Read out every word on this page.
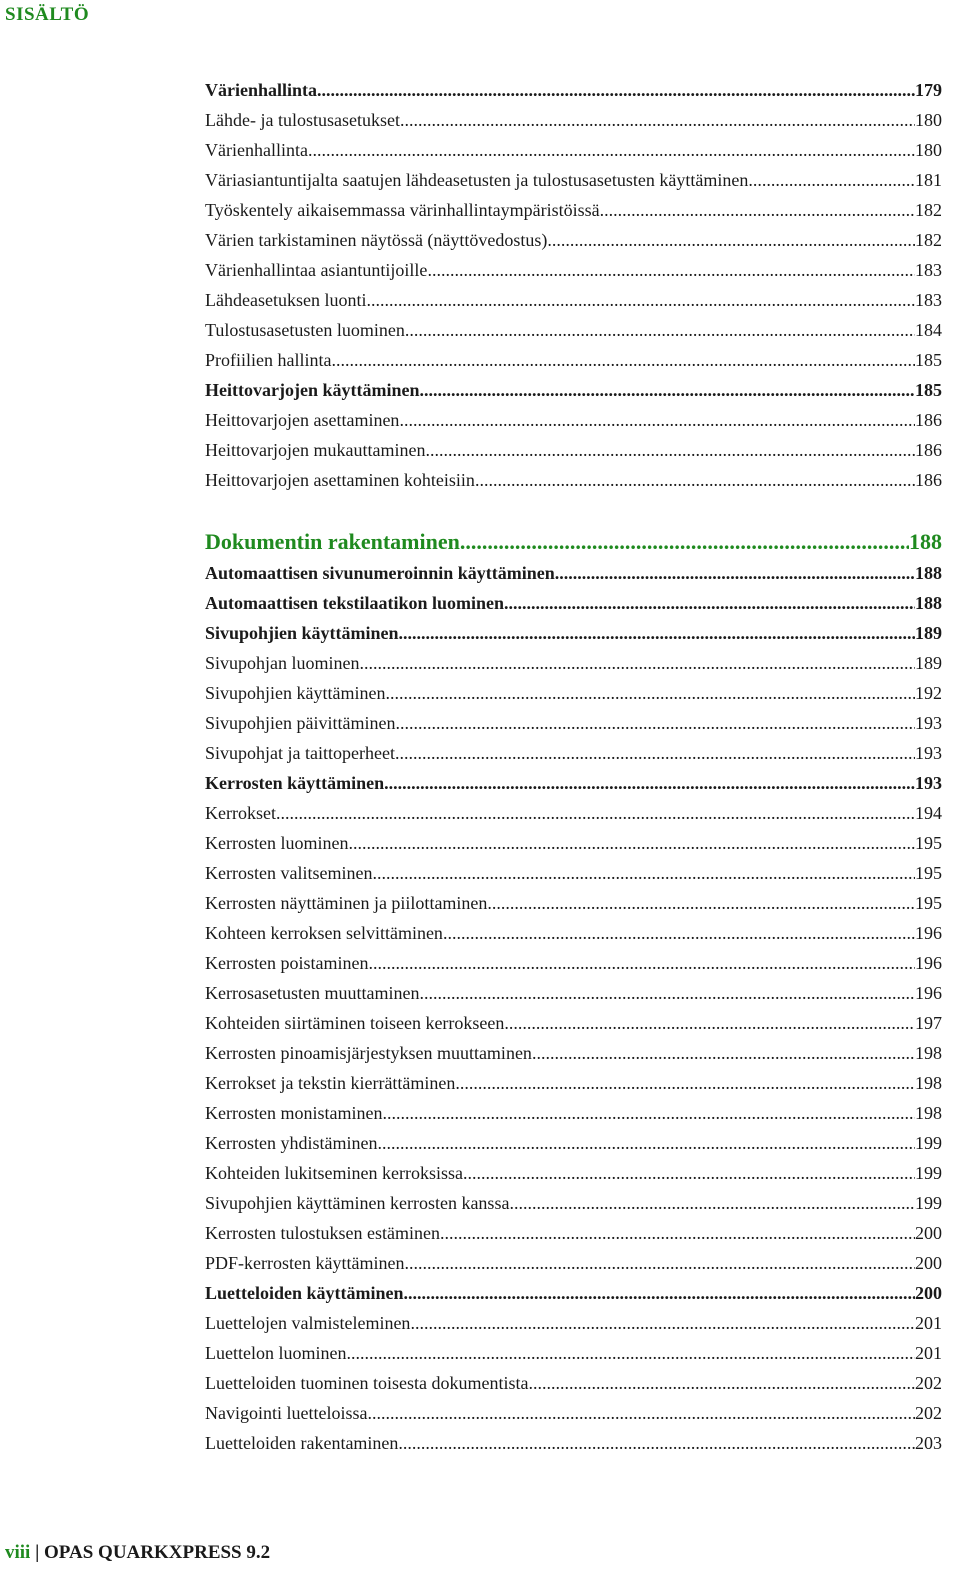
SISÄLTÖ
Värienhallinta .....	179
Lähde- ja tulostusasetukset .....	180
Värienhallinta .....	180
Väriasiantuntijalta saatujen lähdeasetusten ja tulostusasetusten käyttäminen .....	181
Työskentely aikaisemmassa värinhallintaympäristöissä .....	182
Värien tarkistaminen näytössä (näyttövedostus) .....	182
Värienhallintaa asiantuntijoille .....	183
Lähdeasetuksen luonti .....	183
Tulostusasetusten luominen .....	184
Profiilien hallinta .....	185
Heittovarjojen käyttäminen .....	185
Heittovarjojen asettaminen .....	186
Heittovarjojen mukauttaminen .....	186
Heittovarjojen asettaminen kohteisiin .....	186
Dokumentin rakentaminen .....	188
Automaattisen sivunumeroinnin käyttäminen .....	188
Automaattisen tekstilaatikon luominen .....	188
Sivupohjien käyttäminen .....	189
Sivupohjan luominen .....	189
Sivupohjien käyttäminen .....	192
Sivupohjien päivittäminen .....	193
Sivupohjat ja taittoperheet .....	193
Kerrosten käyttäminen .....	193
Kerrokset .....	194
Kerrosten luominen .....	195
Kerrosten valitseminen .....	195
Kerrosten näyttäminen ja piilottaminen .....	195
Kohteen kerroksen selvittäminen .....	196
Kerrosten poistaminen .....	196
Kerrosasetusten muuttaminen .....	196
Kohteiden siirtäminen toiseen kerrokseen .....	197
Kerrosten pinoamisjärjestyksen muuttaminen .....	198
Kerrokset ja tekstin kierrättäminen .....	198
Kerrosten monistaminen .....	198
Kerrosten yhdistäminen .....	199
Kohteiden lukitseminen kerroksissa .....	199
Sivupohjien käyttäminen kerrosten kanssa .....	199
Kerrosten tulostuksen estäminen .....	200
PDF-kerrosten käyttäminen .....	200
Luetteloiden käyttäminen .....	200
Luettelojen valmisteleminen .....	201
Luettelon luominen .....	201
Luetteloiden tuominen toisesta dokumentista .....	202
Navigointi luetteloissa .....	202
Luetteloiden rakentaminen .....	203
viii | OPAS QUARKXPRESS 9.2
